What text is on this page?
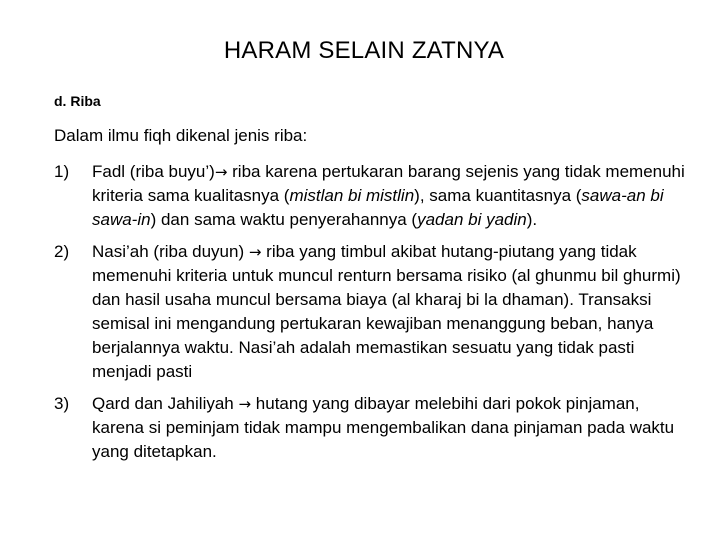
HARAM SELAIN ZATNYA
d. Riba
Dalam ilmu fiqh dikenal jenis riba:
1)	Fadl (riba buyu’)→ riba karena pertukaran barang sejenis yang tidak memenuhi kriteria sama kualitasnya (mistlan bi mistlin), sama kuantitasnya (sawa-an bi sawa-in) dan sama waktu penyerahannya (yadan bi yadin).
2)	Nasi’ah (riba duyun) → riba yang timbul akibat hutang-piutang yang tidak memenuhi kriteria untuk muncul renturn bersama risiko (al ghunmu bil ghurmi) dan hasil usaha muncul bersama biaya (al kharaj bi la dhaman). Transaksi semisal ini mengandung pertukaran kewajiban menanggung beban, hanya berjalannya waktu. Nasi’ah adalah memastikan sesuatu yang tidak pasti menjadi pasti
3)	Qard dan Jahiliyah → hutang yang dibayar melebihi dari pokok pinjaman, karena si peminjam tidak mampu mengembalikan dana pinjaman pada waktu yang ditetapkan.
